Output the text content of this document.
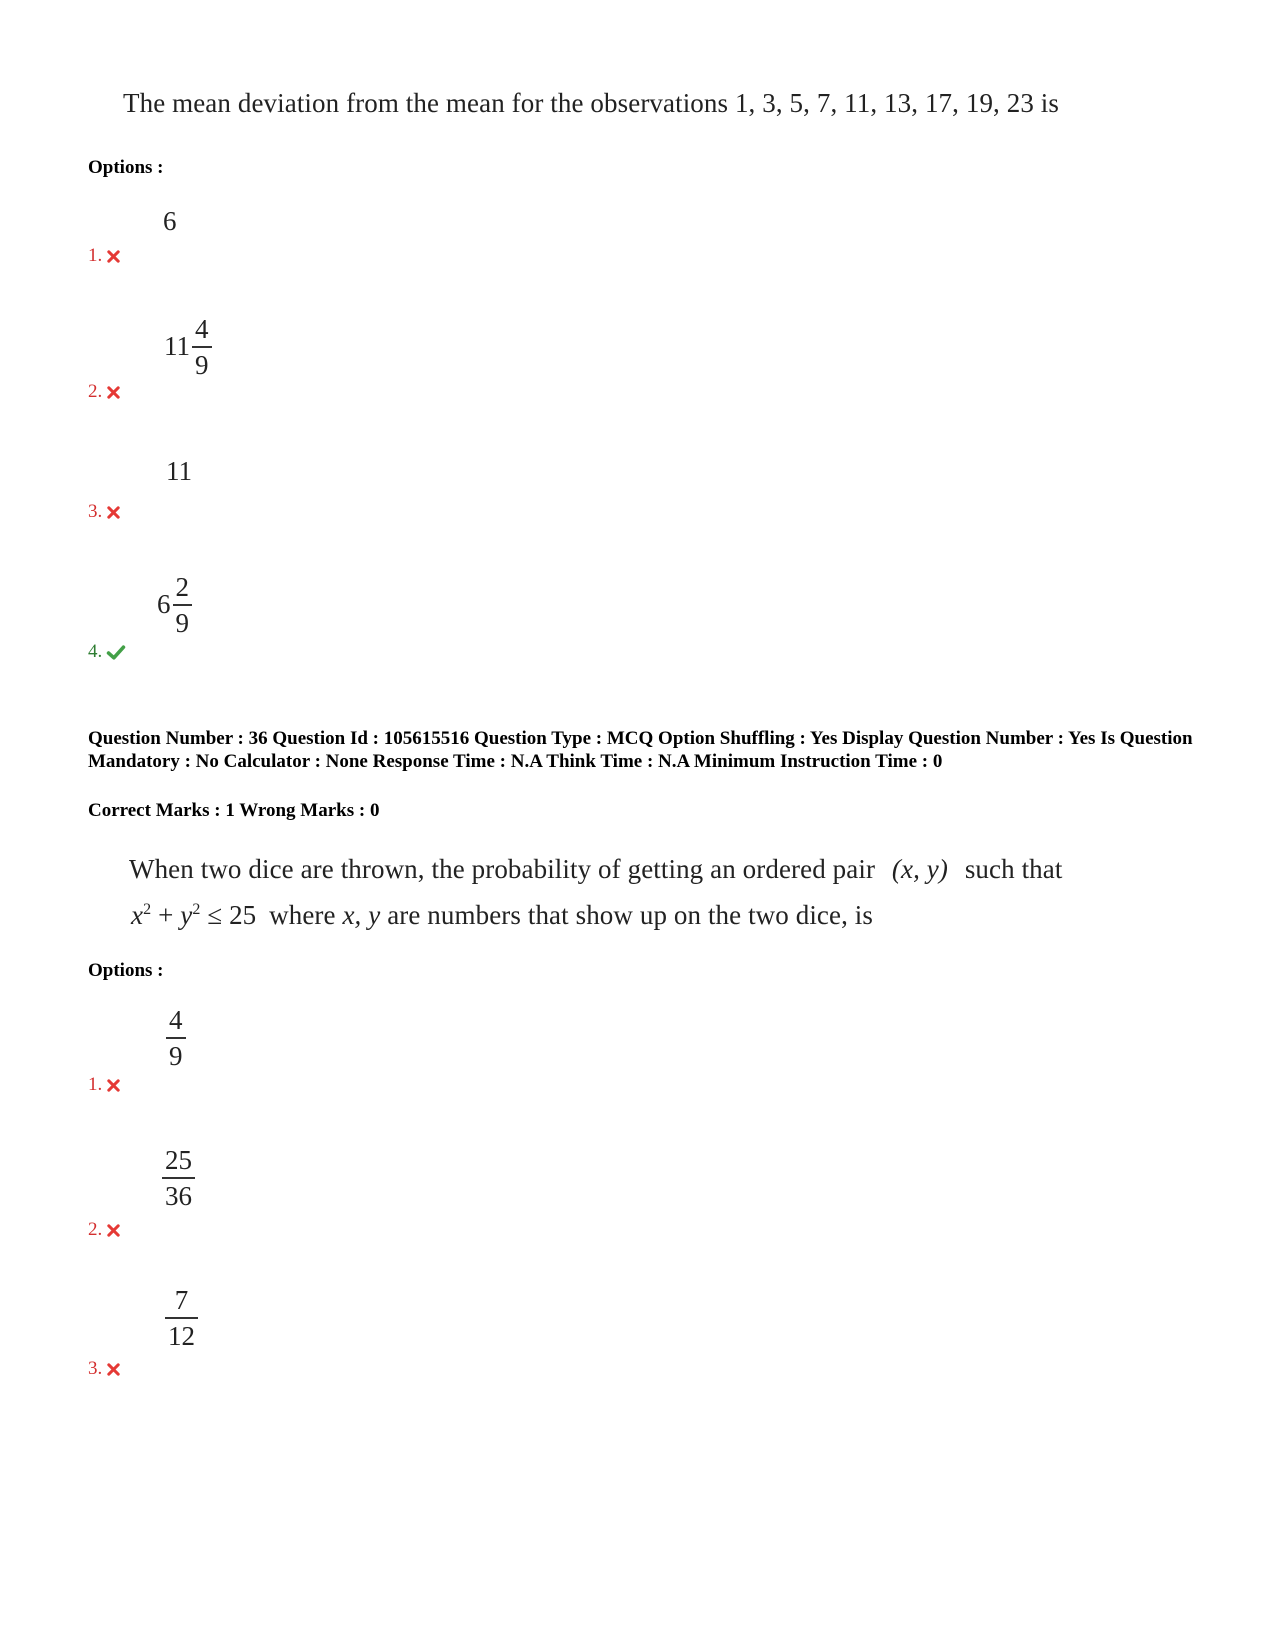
The mean deviation from the mean for the observations 1, 3, 5, 7, 11, 13, 17, 19, 23 is
Options :
6
1.
$11 \frac{4}{9}$
2.
11
3.
$6 \frac{2}{9}$
4.
Question Number : 36 Question Id : 105615516 Question Type : MCQ Option Shuffling : Yes Display Question Number : Yes Is Question Mandatory : No Calculator : None Response Time : N.A Think Time : N.A Minimum Instruction Time : 0
Correct Marks : 1 Wrong Marks : 0
When two dice are thrown, the probability of getting an ordered pair (x, y) such that
$x^2 + y^2 \le 25$ where x, y are numbers that show up on the two dice, is
Options :
$\frac{4}{9}$
1.
$\frac{25}{36}$
2.
$\frac{7}{12}$
3.
